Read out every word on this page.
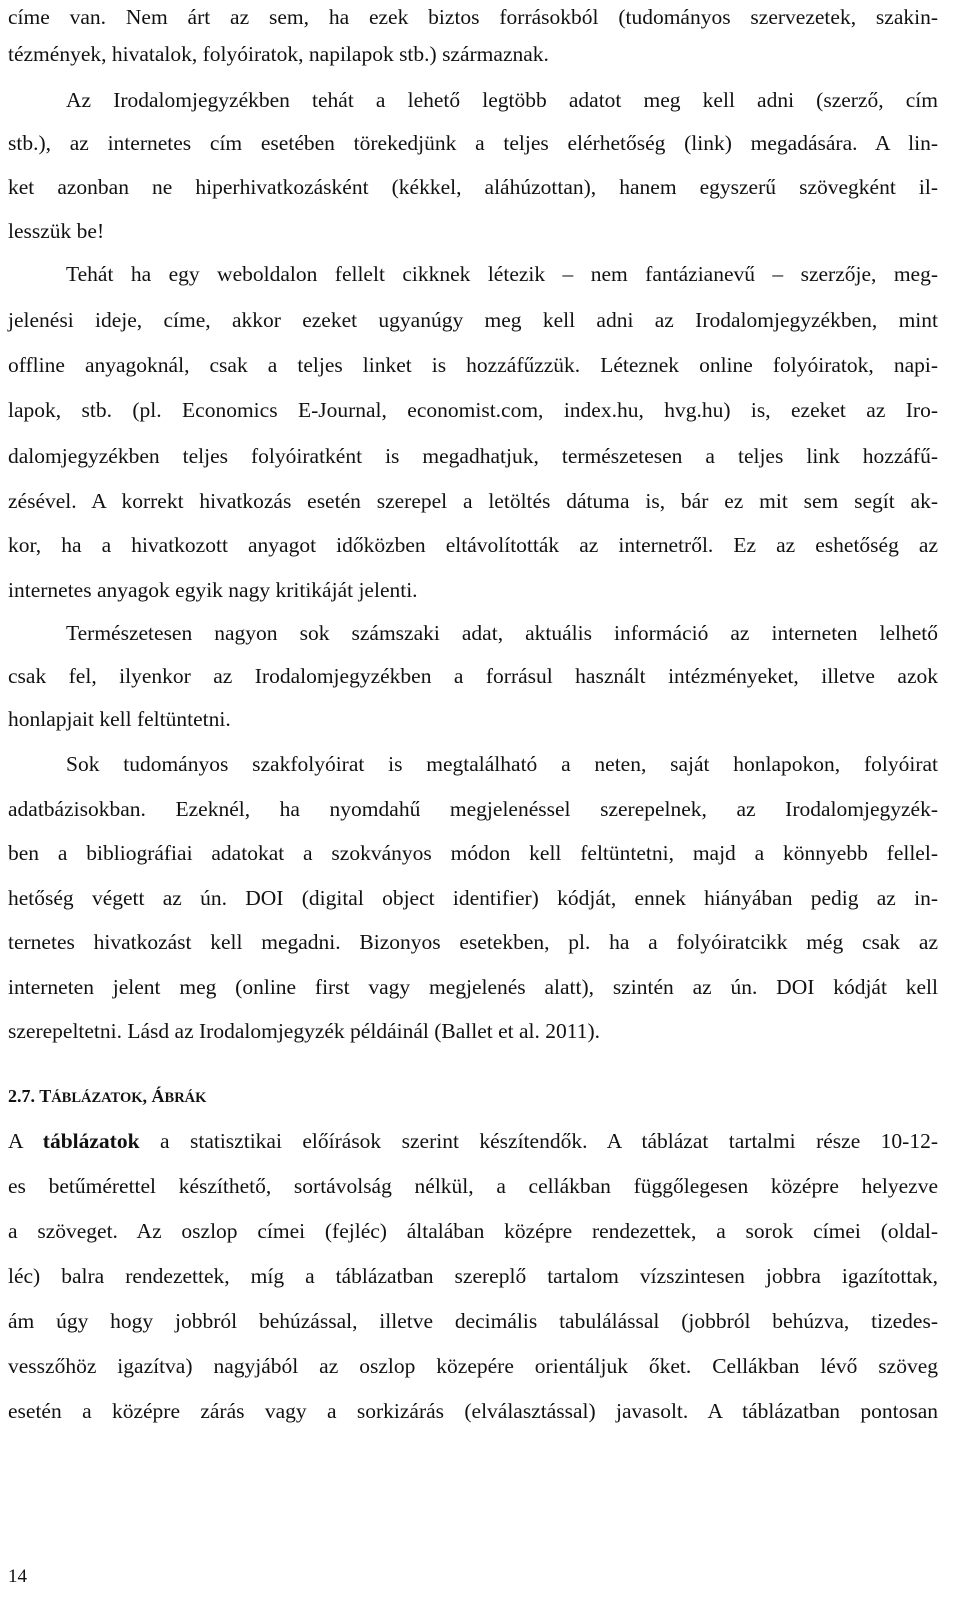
címe van. Nem árt az sem, ha ezek biztos forrásokból (tudományos szervezetek, szakin-
tézmények, hivatalok, folyóiratok, napilapok stb.) származnak.
Az Irodalomjegyzékben tehát a lehető legtöbb adatot meg kell adni (szerző, cím
stb.), az internetes cím esetében törekedjünk a teljes elérhetőség (link) megadására. A lin-
ket azonban ne hiperhivatkozásként (kékkel, aláhúzottan), hanem egyszerű szövegként il-
lesszük be!
Tehát ha egy weboldalon fellelt cikknek létezik – nem fantázianevű – szerzője, meg-
jelenési ideje, címe, akkor ezeket ugyanúgy meg kell adni az Irodalomjegyzékben, mint
offline anyagoknál, csak a teljes linket is hozzáfűzzük. Léteznek online folyóiratok, napi-
lapok, stb. (pl. Economics E-Journal, economist.com, index.hu, hvg.hu) is, ezeket az Iro-
dalomjegyzékben teljes folyóiratként is megadhatjuk, természetesen a teljes link hozzáfű-
zésével. A korrekt hivatkozás esetén szerepel a letöltés dátuma is, bár ez mit sem segít ak-
kor, ha a hivatkozott anyagot időközben eltávolították az internetről. Ez az eshetőség az
internetes anyagok egyik nagy kritikáját jelenti.
Természetesen nagyon sok számszaki adat, aktuális információ az interneten lelhető
csak fel, ilyenkor az Irodalomjegyzékben a forrásul használt intézményeket, illetve azok
honlapjait kell feltüntetni.
Sok tudományos szakfolyóirat is megtalálható a neten, saját honlapokon, folyóirat
adatbázisokban. Ezeknél, ha nyomdahű megjelenéssel szerepelnek, az Irodalomjegyzék-
ben a bibliográfiai adatokat a szokványos módon kell feltüntetni, majd a könnyebb fellel-
hetőség végett az ún. DOI (digital object identifier) kódját, ennek hiányában pedig az in-
ternetes hivatkozást kell megadni. Bizonyos esetekben, pl. ha a folyóiratcikk még csak az
interneten jelent meg (online first vagy megjelenés alatt), szintén az ún. DOI kódját kell
szerepeltetni. Lásd az Irodalomjegyzék példáinál (Ballet et al. 2011).
2.7. TÁBLÁZATOK, ÁBRÁK
A táblázatok a statisztikai előírások szerint készítendők. A táblázat tartalmi része 10-12-
es betűmérettel készíthető, sortávolság nélkül, a cellákban függőlegesen középre helyezve
a szöveget. Az oszlop címei (fejléc) általában középre rendezettek, a sorok címei (oldal-
léc) balra rendezettek, míg a táblázatban szereplő tartalom vízszintesen jobbra igazítottak,
ám úgy hogy jobbról behúzással, illetve decimális tabulálással (jobbról behúzva, tizedes-
vesszőhöz igazítva) nagyjából az oszlop közepére orientáljuk őket. Cellákban lévő szöveg
esetén a középre zárás vagy a sorkizárás (elválasztással) javasolt. A táblázatban pontosan
14
